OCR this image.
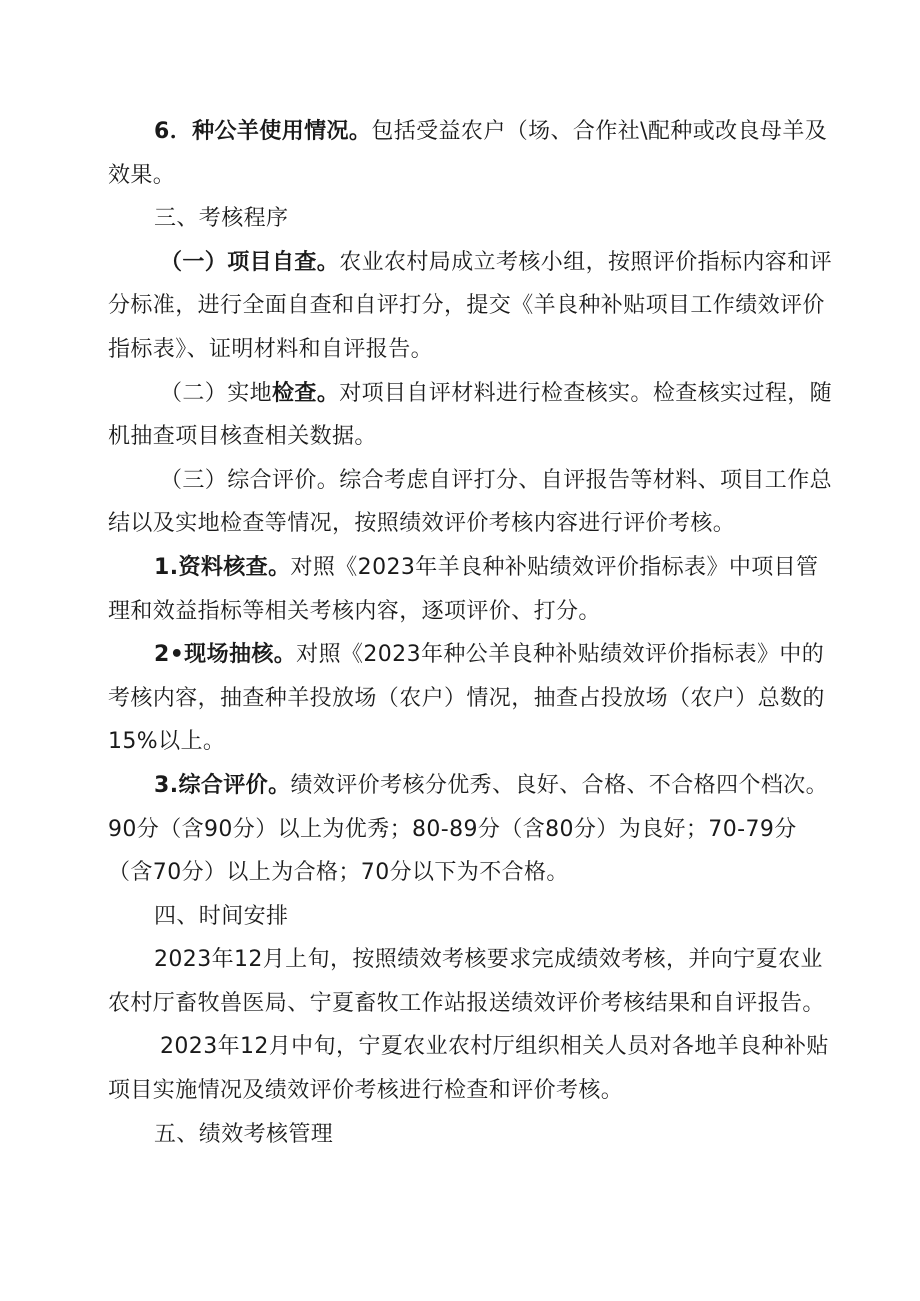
6．种公羊使用情况。包括受益农户（场、合作社\配种或改良母羊及效果。

三、考核程序

（一）项目自查。农业农村局成立考核小组，按照评价指标内容和评分标准，进行全面自查和自评打分，提交《羊良种补贴项目工作绩效评价指标表》、证明材料和自评报告。

（二）实地检查。对项目自评材料进行检查核实。检查核实过程，随机抽查项目核查相关数据。

（三）综合评价。综合考虑自评打分、自评报告等材料、项目工作总结以及实地检查等情况，按照绩效评价考核内容进行评价考核。

1.资料核查。对照《2023年羊良种补贴绩效评价指标表》中项目管理和效益指标等相关考核内容，逐项评价、打分。

2•现场抽核。对照《2023年种公羊良种补贴绩效评价指标表》中的考核内容，抽查种羊投放场（农户）情况，抽查占投放场（农户）总数的15%以上。

3.综合评价。绩效评价考核分优秀、良好、合格、不合格四个档次。90分（含90分）以上为优秀；80-89分（含80分）为良好；70-79分（含70分）以上为合格；70分以下为不合格。

四、时间安排

2023年12月上旬，按照绩效考核要求完成绩效考核，并向宁夏农业农村厅畜牧兽医局、宁夏畜牧工作站报送绩效评价考核结果和自评报告。

2023年12月中旬，宁夏农业农村厅组织相关人员对各地羊良种补贴项目实施情况及绩效评价考核进行检查和评价考核。

五、绩效考核管理
